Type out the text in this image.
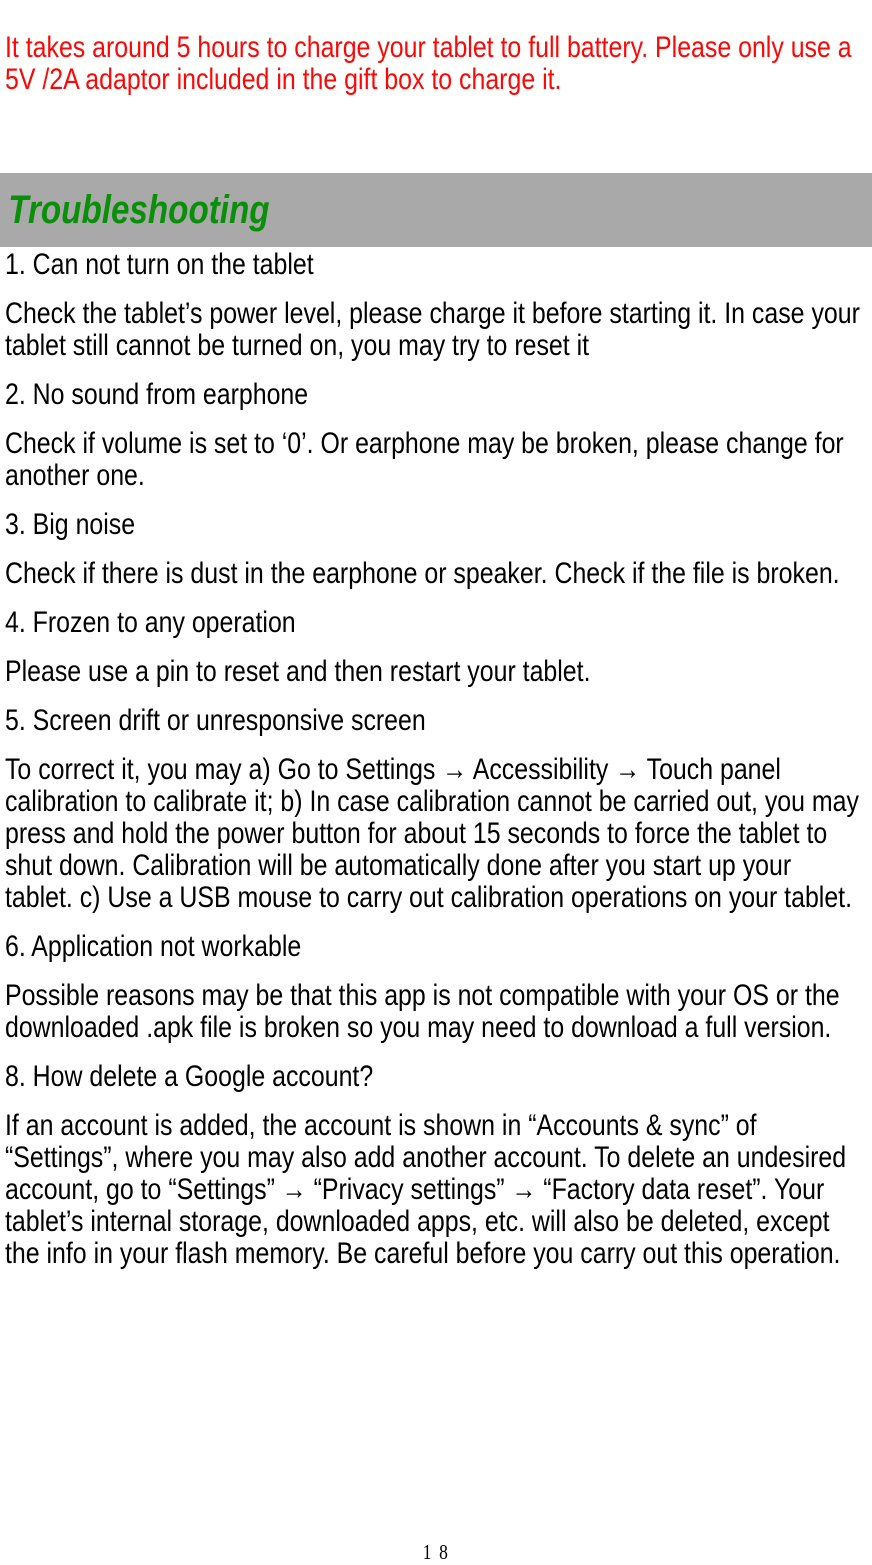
It takes around 5 hours to charge your tablet to full battery. Please only use a 5V /2A adaptor included in the gift box to charge it.

Troubleshooting

1. Can not turn on the tablet

Check the tablet’s power level, please charge it before starting it. In case your tablet still cannot be turned on, you may try to reset it

2. No sound from earphone

Check if volume is set to ‘0’. Or earphone may be broken, please change for another one.

3. Big noise

Check if there is dust in the earphone or speaker. Check if the file is broken.

4. Frozen to any operation

Please use a pin to reset and then restart your tablet.

5. Screen drift or unresponsive screen

To correct it, you may a) Go to Settings → Accessibility → Touch panel calibration to calibrate it; b) In case calibration cannot be carried out, you may press and hold the power button for about 15 seconds to force the tablet to shut down. Calibration will be automatically done after you start up your tablet. c) Use a USB mouse to carry out calibration operations on your tablet.

6. Application not workable

Possible reasons may be that this app is not compatible with your OS or the downloaded .apk file is broken so you may need to download a full version.

8. How delete a Google account?

If an account is added, the account is shown in “Accounts & sync” of “Settings”, where you may also add another account. To delete an undesired account, go to “Settings” → “Privacy settings” → “Factory data reset”. Your tablet’s internal storage, downloaded apps, etc. will also be deleted, except the info in your flash memory. Be careful before you carry out this operation.

1 8
